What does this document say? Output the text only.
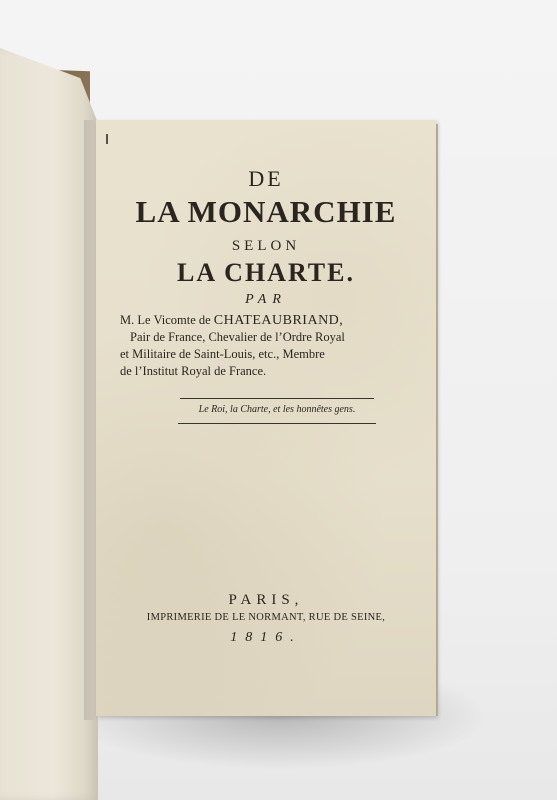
DE
LA MONARCHIE
SELON
LA CHARTE.
PAR
M. Le Vicomte de CHATEAUBRIAND,
Pair de France, Chevalier de l’Ordre Royal
et Militaire de Saint-Louis, etc., Membre
de l’Institut Royal de France.
Le Roi, la Charte, et les honnêtes gens.
PARIS,
IMPRIMERIE DE LE NORMANT, RUE DE SEINE,
1816.
